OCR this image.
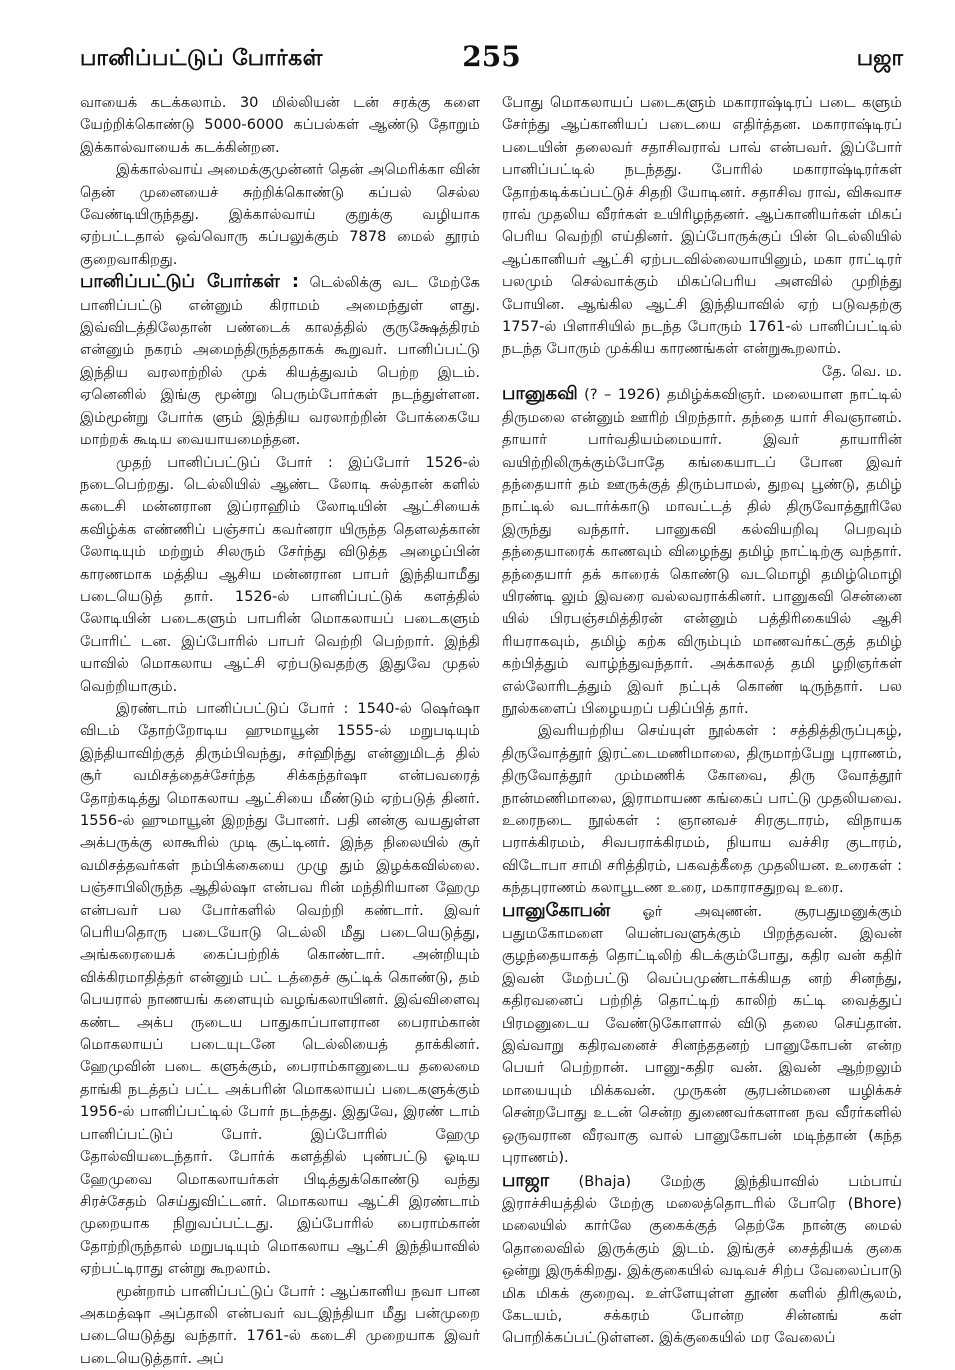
பானிப்பட்டுப் போர்கள்	255	பஜா

வாயைக் கடக்கலாம். 30 மில்லியன் டன் சரக்கு களை யேற்றிக்கொண்டு 5000-6000 கப்பல்கள் ஆண்டு தோறும் இக்கால்வாயைக் கடக்கின்றன.

இக்கால்வாய் அமைக்குமுன்னர் தென் அமெரிக்கா வின் தென் முனையைச் சுற்றிக்கொண்டு கப்பல் செல்ல வேண்டியிருந்தது. இக்கால்வாய் குறுக்கு வழியாக ஏற்பட்டதால் ஒவ்வொரு கப்பலுக்கும் 7878 மைல் தூரம் குறைவாகிறது.

பானிப்பட்டுப் போர்கள் : டெல்லிக்கு வட மேற்கே பானிப்பட்டு என்னும் கிராமம் அமைந்துள் ளது. இவ்விடத்திலேதான் பண்டைக் காலத்தில் குருக்ஷேத்திரம் என்னும் நகரம் அமைந்திருந்ததாகக் கூறுவர். பானிப்பட்டு இந்திய வரலாற்றில் முக் கியத்துவம் பெற்ற இடம். ஏனெனில் இங்கு மூன்று பெரும்போர்கள் நடந்துள்ளன. இம்மூன்று போர்க ளும் இந்திய வரலாற்றின் போக்கையே மாற்றக் கூடிய வையாயமைந்தன.

முதற் பானிப்பட்டுப் போர் : இப்போர் 1526-ல் நடைபெற்றது. டெல்லியில் ஆண்ட லோடி சுல்தான் களில் கடைசி மன்னரான இப்ராஹிம் லோடியின் ஆட்சியைக் கவிழ்க்க எண்ணிப் பஞ்சாப் கவர்னரா யிருந்த தௌலத்கான் லோடியும் மற்றும் சிலரும் சேர்ந்து விடுத்த அழைப்பின் காரணமாக மத்திய ஆசிய மன்னரான பாபர் இந்தியாமீது படையெடுத் தார். 1526-ல் பானிப்பட்டுக் களத்தில் லோடியின் படைகளும் பாபரின் மொகலாயப் படைகளும் போரிட் டன. இப்போரில் பாபர் வெற்றி பெற்றார். இந்தி யாவில் மொகலாய ஆட்சி ஏற்படுவதற்கு இதுவே முதல் வெற்றியாகும்.

இரண்டாம் பானிப்பட்டுப் போர் : 1540-ல் ஷெர்ஷா விடம் தோற்றோடிய ஹுமாயூன் 1555-ல் மறுபடியும் இந்தியாவிற்குத் திரும்பிவந்து, சர்ஹிந்து என்னுமிடத் தில் சூர் வமிசத்தைச்சேர்ந்த சிக்கந்தர்ஷா என்பவரைத் தோற்கடித்து மொகலாய ஆட்சியை மீண்டும் ஏற்படுத் தினர். 1556-ல் ஹுமாயூன் இறந்து போனர். பதி னன்கு வயதுள்ள அக்பருக்கு லாகூரில் முடி சூட்டினர். இந்த நிலையில் சூர் வமிசத்தவர்கள் நம்பிக்கையை முழு தும் இழக்கவில்லை. பஞ்சாபிலிருந்த ஆதில்ஷா என்பவ ரின் மந்திரியான ஹேமு என்பவர் பல போர்களில் வெற்றி கண்டார். இவர் பெரியதொரு படையோடு டெல்லி மீது படையெடுத்து, அங்கரையைக் கைப்பற்றிக் கொண்டார். அன்றியும் விக்கிரமாதித்தர் என்னும் பட் டத்தைச் சூட்டிக் கொண்டு, தம் பெயரால் நாணயங் களையும் வழங்கலாயினர். இவ்விளைவு கண்ட அக்ப ருடைய பாதுகாப்பாளரான பைராம்கான் மொகலாயப் படையுடனே டெல்லியைத் தாக்கினர். ஹேமுவின் படை களுக்கும், பைராம்கானுடைய தலைமை தாங்கி நடத்தப் பட்ட அக்பரின் மொகலாயப் படைகளுக்கும் 1956-ல் பானிப்பட்டில் போர் நடந்தது. இதுவே, இரண் டாம் பானிப்பட்டுப் போர். இப்போரில் ஹேமு தோல்வியடைந்தார். போர்க் களத்தில் புண்பட்டு ஓடிய ஹேமுவை மொகலாயர்கள் பிடித்துக்கொண்டு வந்து சிரச்சேதம் செய்துவிட்டனர். மொகலாய ஆட்சி இரண்டாம் முறையாக நிறுவப்பட்டது. இப்போரில் பைராம்கான் தோற்றிருந்தால் மறுபடியும் மொகலாய ஆட்சி இந்தியாவில் ஏற்பட்டிராது என்று கூறலாம்.

மூன்றாம் பானிப்பட்டுப் போர் : ஆப்கானிய நவா பான அகமத்ஷா அப்தாலி என்பவர் வடஇந்தியா மீது பன்முறை படையெடுத்து வந்தார். 1761-ல் கடைசி முறையாக இவர் படையெடுத்தார். அப்

போது மொகலாயப் படைகளும் மகாராஷ்டிரப் படை களும் சேர்ந்து ஆப்கானியப் படையை எதிர்த்தன. மகாராஷ்டிரப் படையின் தலைவர் சதாசிவராவ் பாவ் என்பவர். இப்போர் பானிப்பட்டில் நடந்தது. போரில் மகாராஷ்டிரர்கள் தோற்கடிக்கப்பட்டுச் சிதறி யோடினர். சதாசிவ ராவ், விசுவாச ராவ் முதலிய வீரர்கள் உயிரிழந்தனர். ஆப்கானியர்கள் மிகப் பெரிய வெற்றி எய்தினர். இப்போருக்குப் பின் டெல்லியில் ஆப்கானியர் ஆட்சி ஏற்படவில்லையாயினும், மகா ராட்டிரர் பலமும் செல்வாக்கும் மிகப்பெரிய அளவில் முறிந்து போயின. ஆங்கில ஆட்சி இந்தியாவில் ஏற் படுவதற்கு 1757-ல் பிளாசியில் நடந்த போரும் 1761-ல் பானிப்பட்டில் நடந்த போரும் முக்கிய காரணங்கள் என்றுகூறலாம்.

தே. வெ. ம.

பானுகவி (? – 1926) தமிழ்க்கவிஞர். மலையாள நாட்டில் திருமலை என்னும் ஊரிற் பிறந்தார். தந்தை யார் சிவஞானம். தாயார் பார்வதியம்மையார். இவர் தாயாரின் வயிற்றிலிருக்கும்போதே கங்கையாடப் போன இவர் தந்தையார் தம் ஊருக்குத் திரும்பாமல், துறவு பூண்டு, தமிழ் நாட்டில் வடார்க்காடு மாவட்டத் தில் திருவோத்தூரிலே இருந்து வந்தார். பானுகவி கல்வியறிவு பெறவும் தந்தையாரைக் காணவும் விழைந்து தமிழ் நாட்டிற்கு வந்தார். தந்தையார் தக் காரைக் கொண்டு வடமொழி தமிழ்மொழி யிரண்டி லும் இவரை வல்லவராக்கினர். பானுகவி சென்னை யில் பிரபஞ்சமித்திரன் என்னும் பத்திரிகையில் ஆசி ரியராகவும், தமிழ் கற்க விரும்பும் மாணவர்கட்குத் தமிழ் கற்பித்தும் வாழ்ந்துவந்தார். அக்காலத் தமி ழறிஞர்கள் எல்லோரிடத்தும் இவர் நட்புக் கொண் டிருந்தார். பல நூல்களைப் பிழையறப் பதிப்பித் தார்.

இவரியற்றிய செய்யுள் நூல்கள் : சத்தித்திருப்புகழ், திருவோத்தூர் இரட்டைமணிமாலை, திருமாற்பேறு புராணம், திருவோத்தூர் மும்மணிக் கோவை, திரு வோத்தூர் நான்மணிமாலை, இராமாயண கங்கைப் பாட்டு முதலியவை. உரைநடை நூல்கள் : ஞானவச் சிரகுடாரம், விநாயக பராக்கிரமம், சிவபராக்கிரமம், நியாய வச்சிர குடாரம், விடோபா சாமி சரித்திரம், பகவத்கீதை முதலியன. உரைகள் : கந்தபுராணம் கலாபூடண உரை, மகாராசதுறவு உரை.

பானுகோபன் ஓர் அவுணன். சூரபதுமனுக்கும் பதுமகோமளை யென்பவளுக்கும் பிறந்தவன். இவன் குழந்தையாகத் தொட்டிலிற் கிடக்கும்போது, கதிர வன் கதிர் இவன் மேற்பட்டு வெப்பமுண்டாக்கியத னற் சினந்து, கதிரவனைப் பற்றித் தொட்டிற் காலிற் கட்டி வைத்துப் பிரமனுடைய வேண்டுகோளால் விடு தலை செய்தான். இவ்வாறு கதிரவனைச் சினந்ததனற் பானுகோபன் என்ற பெயர் பெற்றான். பானு-கதிர வன். இவன் ஆற்றலும் மாயையும் மிக்கவன். முருகன் சூரபன்மனை யழிக்கச் சென்றபோது உடன் சென்ற துணைவர்களான நவ வீரர்களில் ஒருவரான வீரவாகு வால் பானுகோபன் மடிந்தான் (கந்த புராணம்).

பாஜா (Bhaja) மேற்கு இந்தியாவில் பம்பாய் இராச்சியத்தில் மேற்கு மலைத்தொடரில் போரெ (Bhore) மலையில் கார்லே குகைக்குத் தெற்கே நான்கு மைல் தொலைவில் இருக்கும் இடம். இங்குச் சைத்தியக் குகை ஒன்று இருக்கிறது. இக்குகையில் வடிவச் சிற்ப வேலைப்பாடு மிக மிகக் குறைவு. உள்ளேயுள்ள தூண் களில் திரிசூலம், கேடயம், சக்கரம் போன்ற சின்னங் கள் பொறிக்கப்பட்டுள்ளன. இக்குகையில் மர வேலைப்
